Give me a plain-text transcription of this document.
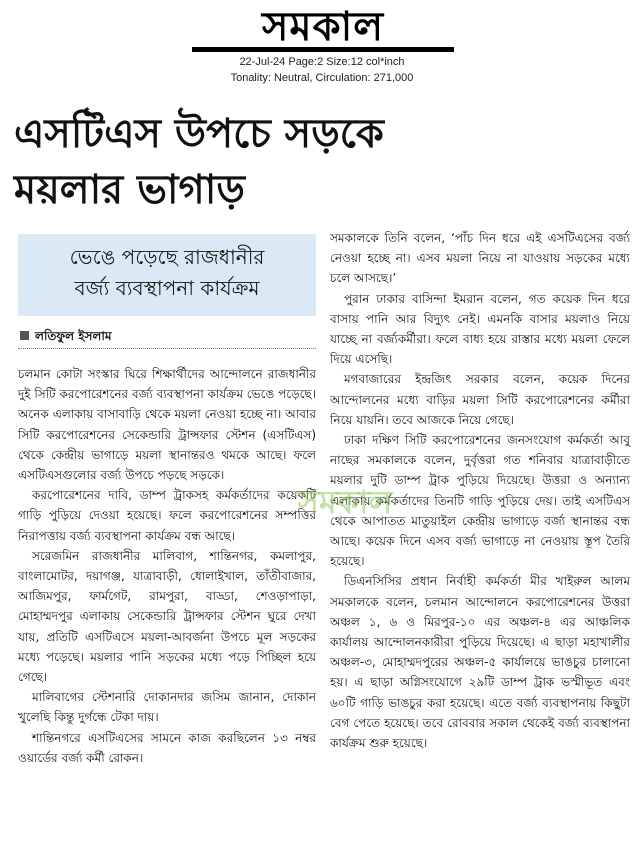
সমকাল
22-Jul-24 Page:2 Size:12 col*inch
Tonality: Neutral, Circulation: 271,000
এসটিএস উপচে সড়কে
ময়লার ভাগাড়
ভেঙে পড়েছে রাজধানীর
বর্জ্য ব্যবস্থাপনা কার্যক্রম
লতিফুল ইসলাম

চলমান কোটা সংস্কার ঘিরে শিক্ষার্থীদের আন্দোলনে রাজধানীর দুই সিটি করপোরেশনের বর্জ্য ব্যবস্থাপনা কার্যক্রম ভেঙে পড়েছে। অনেক এলাকায় বাসাবাড়ি থেকে ময়লা নেওয়া হচ্ছে না। আবার সিটি করপোরেশনের সেকেন্ডারি ট্রান্সফার স্টেশন (এসটিএস) থেকে কেন্দ্রীয় ভাগাড়ে ময়লা স্থানান্তরও থমকে আছে। ফলে এসটিএসগুলোর বর্জ্য উপচে পড়ছে সড়কে।

করপোরেশনের দাবি, ডাম্প ট্রাকসহ কর্মকর্তাদের কয়েকটি গাড়ি পুড়িয়ে দেওয়া হয়েছে। ফলে করপোরেশনের সম্পত্তির নিরাপত্তায় বর্জ্য ব্যবস্থাপনা কার্যক্রম বন্ধ আছে।

সরেজমিন রাজধানীর মালিবাগ, শান্তিনগর, কমলাপুর, বাংলামোটর, দয়াগঞ্জ, যাত্রাবাড়ী, ধোলাইখাল, তাঁতীবাজার, আজিমপুর, ফার্মগেট, রামপুরা, বাড্ডা, শেওড়াপাড়া, মোহাম্মদপুর এলাকায় সেকেন্ডারি ট্রান্সফার স্টেশন ঘুরে দেখা যায়, প্রতিটি এসটিএসে ময়লা-আবর্জনা উপচে মূল সড়কের মধ্যে পড়েছে। ময়লার পানি সড়কের মধ্যে পড়ে পিচ্ছিল হয়ে গেছে।

মালিবাগের স্টেশনারি দোকানদার জসিম জানান, দোকান খুলেছি কিন্তু দুর্গন্ধে টেকা দায়।

শান্তিনগরে এসটিএসের সামনে কাজ করছিলেন ১৩ নম্বর ওয়ার্ডের বর্জ্য কর্মী রোকন।

সমকালকে তিনি বলেন, ‘পাঁচ দিন ধরে এই এসটিএসের বর্জ্য নেওয়া হচ্ছে না। এসব ময়লা নিয়ে না যাওয়ায় সড়কের মধ্যে চলে আসছে।’

পুরান ঢাকার বাসিন্দা ইমরান বলেন, গত কয়েক দিন ধরে বাসায় পানি আর বিদ্যুৎ নেই। এমনকি বাসার ময়লাও নিয়ে যাচ্ছে না বর্জ্যকর্মীরা। ফলে বাধ্য হয়ে রাস্তার মধ্যে ময়লা ফেলে দিয়ে এসেছি।

মগবাজারের ইন্দ্রজিৎ সরকার বলেন, কয়েক দিনের আন্দোলনের মধ্যে বাড়ির ময়লা সিটি করপোরেশনের কর্মীরা নিয়ে যায়নি। তবে আজকে নিয়ে গেছে।

ঢাকা দক্ষিণ সিটি করপোরেশনের জনসংযোগ কর্মকর্তা আবু নাছের সমকালকে বলেন, দুর্বৃত্তরা গত শনিবার যাত্রাবাড়ীতে ময়লার দুটি ডাম্প ট্রাক পুড়িয়ে দিয়েছে। উত্তরা ও অন্যান্য এলাকায় কর্মকর্তাদের তিনটি গাড়ি পুড়িয়ে দেয়। তাই এসটিএস থেকে আপাতত মাতুয়াইল কেন্দ্রীয় ভাগাড়ে বর্জ্য স্থানান্তর বন্ধ আছে। কয়েক দিনে এসব বর্জ্য ভাগাড়ে না নেওয়ায় স্তূপ তৈরি হয়েছে।

ডিএনসিসির প্রধান নির্বাহী কর্মকর্তা মীর খাইরুল আলম সমকালকে বলেন, চলমান আন্দোলনে করপোরেশনের উত্তরা অঞ্চল ১, ৬ ও মিরপুর-১০ এর অঞ্চল-৪ এর আঞ্চলিক কার্যালয় আন্দোলনকারীরা পুড়িয়ে দিয়েছে। এ ছাড়া মহাখালীর অঞ্চল-৩, মোহাম্মদপুরের অঞ্চল-৫ কার্যালয়ে ভাঙচুর চালানো হয়। এ ছাড়া অগ্নিসংযোগে ২৯টি ডাম্প ট্রাক ভস্মীভূত এবং ৬০টি গাড়ি ভাঙচুর করা হয়েছে। এতে বর্জ্য ব্যবস্থাপনায় কিছুটা বেগ পেতে হয়েছে। তবে রোববার সকাল থেকেই বর্জ্য ব্যবস্থাপনা কার্যক্রম শুরু হয়েছে।

সমকাল
